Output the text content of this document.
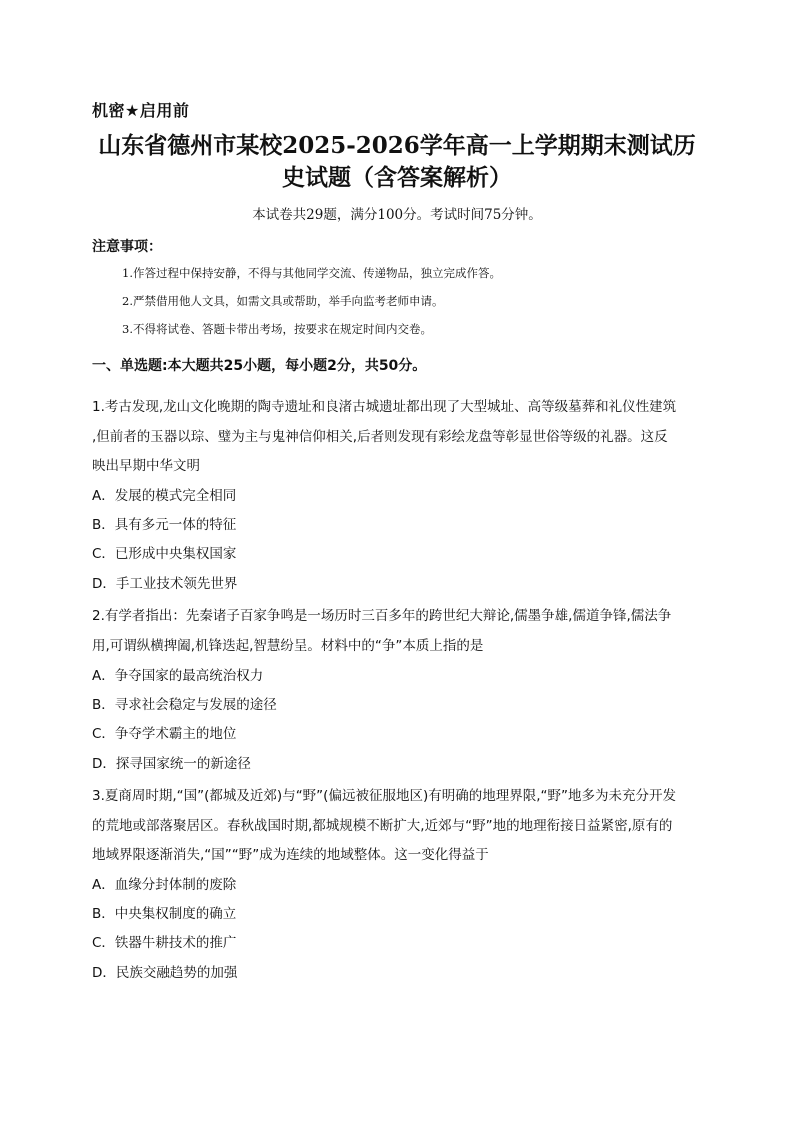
机密★启用前
山东省德州市某校2025-2026学年高一上学期期末测试历
史试题（含答案解析）
本试卷共29题，满分100分。考试时间75分钟。
注意事项：
1.作答过程中保持安静，不得与其他同学交流、传递物品，独立完成作答。
2.严禁借用他人文具，如需文具或帮助，举手向监考老师申请。
3.不得将试卷、答题卡带出考场，按要求在规定时间内交卷。
一、单选题:本大题共25小题，每小题2分，共50分。
1.考古发现,龙山文化晚期的陶寺遗址和良渚古城遗址都出现了大型城址、高等级墓葬和礼仪性建筑
,但前者的玉器以琮、璧为主与鬼神信仰相关,后者则发现有彩绘龙盘等彰显世俗等级的礼器。这反
映出早期中华文明
A．发展的模式完全相同
B．具有多元一体的特征
C．已形成中央集权国家
D．手工业技术领先世界
2.有学者指出：先秦诸子百家争鸣是一场历时三百多年的跨世纪大辩论,儒墨争雄,儒道争锋,儒法争
用,可谓纵横捭阖,机锋迭起,智慧纷呈。材料中的“争”本质上指的是
A．争夺国家的最高统治权力
B．寻求社会稳定与发展的途径
C．争夺学术霸主的地位
D．探寻国家统一的新途径
3.夏商周时期,“国”(都城及近郊)与“野”(偏远被征服地区)有明确的地理界限,“野”地多为未充分开发
的荒地或部落聚居区。春秋战国时期,都城规模不断扩大,近郊与“野”地的地理衔接日益紧密,原有的
地域界限逐渐消失,“国”“野”成为连续的地域整体。这一变化得益于
A．血缘分封体制的废除
B．中央集权制度的确立
C．铁器牛耕技术的推广
D．民族交融趋势的加强
